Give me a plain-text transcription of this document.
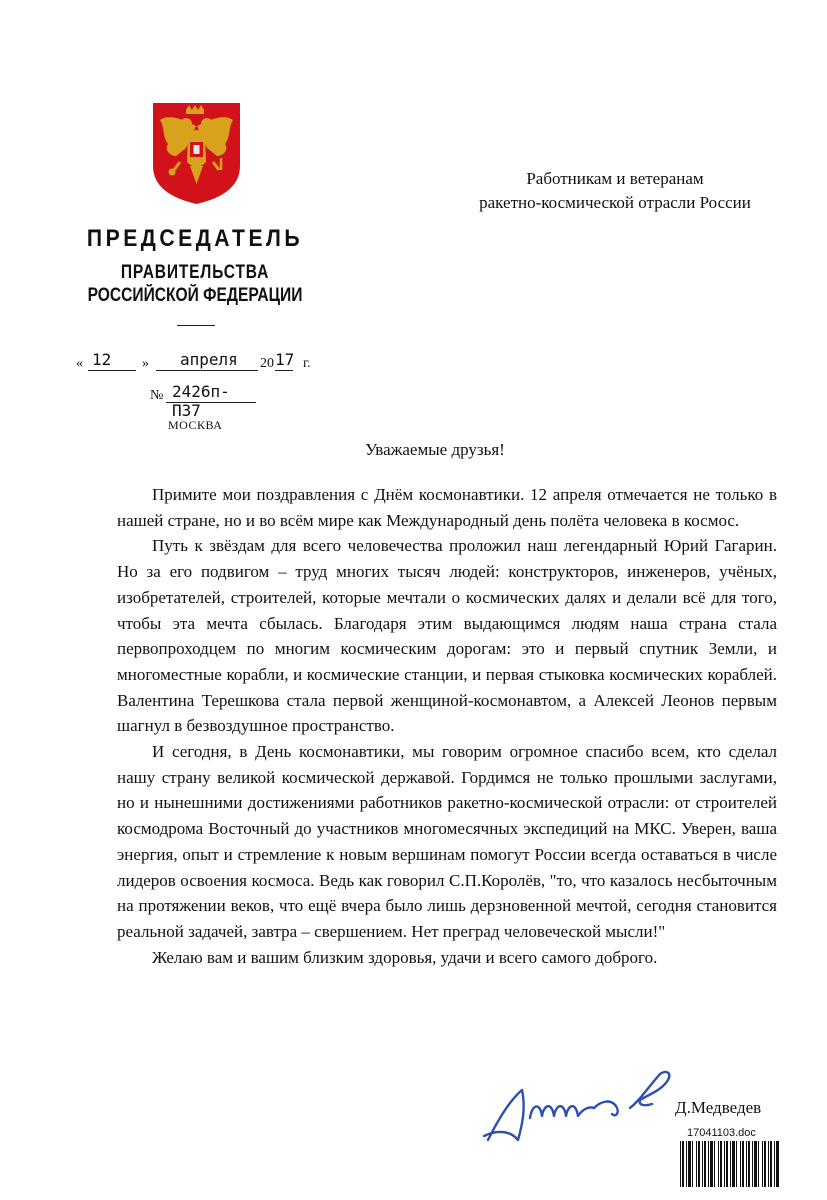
ПРЕДСЕДАТЕЛЬ
ПРАВИТЕЛЬСТВА
РОССИЙСКОЙ ФЕДЕРАЦИИ
« 12 » апреля 20 17 г.
№ 2426п-П37
МОСКВА
Работникам и ветеранам
ракетно-космической отрасли России
Уважаемые друзья!

Примите мои поздравления с Днём космонавтики. 12 апреля отмечается не только в нашей стране, но и во всём мире как Международный день полёта человека в космос.

Путь к звёздам для всего человечества проложил наш легендарный Юрий Гагарин. Но за его подвигом – труд многих тысяч людей: конструкторов, инженеров, учёных, изобретателей, строителей, которые мечтали о космических далях и делали всё для того, чтобы эта мечта сбылась. Благодаря этим выдающимся людям наша страна стала первопроходцем по многим космическим дорогам: это и первый спутник Земли, и многоместные корабли, и космические станции, и первая стыковка космических кораблей. Валентина Терешкова стала первой женщиной-космонавтом, а Алексей Леонов первым шагнул в безвоздушное пространство.

И сегодня, в День космонавтики, мы говорим огромное спасибо всем, кто сделал нашу страну великой космической державой. Гордимся не только прошлыми заслугами, но и нынешними достижениями работников ракетно-космической отрасли: от строителей космодрома Восточный до участников многомесячных экспедиций на МКС. Уверен, ваша энергия, опыт и стремление к новым вершинам помогут России всегда оставаться в числе лидеров освоения космоса. Ведь как говорил С.П.Королёв, "то, что казалось несбыточным на протяжении веков, что ещё вчера было лишь дерзновенной мечтой, сегодня становится реальной задачей, завтра – свершением. Нет преград человеческой мысли!"

Желаю вам и вашим близким здоровья, удачи и всего самого доброго.

Д.Медведев
17041103.doc
